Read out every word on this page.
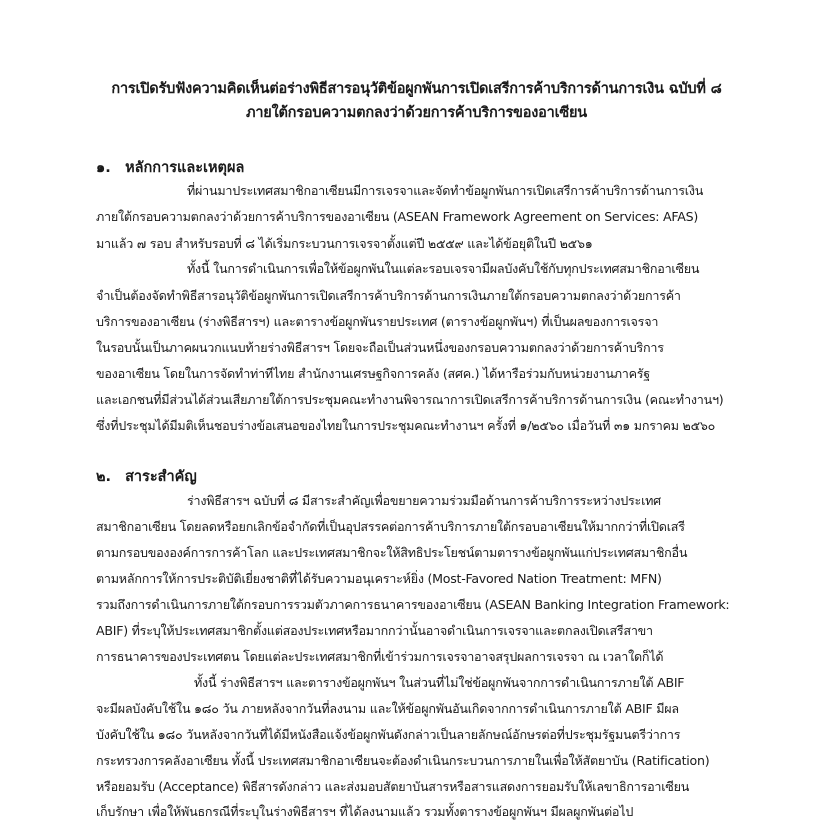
การเปิดรับฟังความคิดเห็นต่อร่างพิธีสารอนุวัติข้อผูกพันการเปิดเสรีการค้าบริการด้านการเงิน ฉบับที่ ๘
ภายใต้กรอบความตกลงว่าด้วยการค้าบริการของอาเซียน
๑. หลักการและเหตุผล
ที่ผ่านมาประเทศสมาชิกอาเซียนมีการเจรจาและจัดทำข้อผูกพันการเปิดเสรีการค้าบริการด้านการเงิน
ภายใต้กรอบความตกลงว่าด้วยการค้าบริการของอาเซียน (ASEAN Framework Agreement on Services: AFAS)
มาแล้ว ๗ รอบ สำหรับรอบที่ ๘ ได้เริ่มกระบวนการเจรจาตั้งแต่ปี ๒๕๕๙ และได้ข้อยุติในปี ๒๕๖๑
ทั้งนี้ ในการดำเนินการเพื่อให้ข้อผูกพันในแต่ละรอบเจรจามีผลบังคับใช้กับทุกประเทศสมาชิกอาเซียน
จำเป็นต้องจัดทำพิธีสารอนุวัติข้อผูกพันการเปิดเสรีการค้าบริการด้านการเงินภายใต้กรอบความตกลงว่าด้วยการค้า
บริการของอาเซียน (ร่างพิธีสารฯ) และตารางข้อผูกพันรายประเทศ (ตารางข้อผูกพันฯ) ที่เป็นผลของการเจรจา
ในรอบนั้นเป็นภาคผนวกแนบท้ายร่างพิธีสารฯ โดยจะถือเป็นส่วนหนึ่งของกรอบความตกลงว่าด้วยการค้าบริการ
ของอาเซียน โดยในการจัดทำท่าทีไทย สำนักงานเศรษฐกิจการคลัง (สศค.) ได้หารือร่วมกับหน่วยงานภาครัฐ
และเอกชนที่มีส่วนได้ส่วนเสียภายใต้การประชุมคณะทำงานพิจารณาการเปิดเสรีการค้าบริการด้านการเงิน (คณะทำงานฯ)
ซึ่งที่ประชุมได้มีมติเห็นชอบร่างข้อเสนอของไทยในการประชุมคณะทำงานฯ ครั้งที่ ๑/๒๕๖๐ เมื่อวันที่ ๓๑ มกราคม ๒๕๖๐
๒. สาระสำคัญ
ร่างพิธีสารฯ ฉบับที่ ๘ มีสาระสำคัญเพื่อขยายความร่วมมือด้านการค้าบริการระหว่างประเทศ
สมาชิกอาเซียน โดยลดหรือยกเลิกข้อจำกัดที่เป็นอุปสรรคต่อการค้าบริการภายใต้กรอบอาเซียนให้มากกว่าที่เปิดเสรี
ตามกรอบขององค์การการค้าโลก และประเทศสมาชิกจะให้สิทธิประโยชน์ตามตารางข้อผูกพันแก่ประเทศสมาชิกอื่น
ตามหลักการให้การประติบัติเยี่ยงชาติที่ได้รับความอนุเคราะห์ยิ่ง (Most-Favored Nation Treatment: MFN)
รวมถึงการดำเนินการภายใต้กรอบการรวมตัวภาคการธนาคารของอาเซียน (ASEAN Banking Integration Framework:
ABIF) ที่ระบุให้ประเทศสมาชิกตั้งแต่สองประเทศหรือมากกว่านั้นอาจดำเนินการเจรจาและตกลงเปิดเสรีสาขา
การธนาคารของประเทศตน โดยแต่ละประเทศสมาชิกที่เข้าร่วมการเจรจาอาจสรุปผลการเจรจา ณ เวลาใดก็ได้
ทั้งนี้ ร่างพิธีสารฯ และตารางข้อผูกพันฯ ในส่วนที่ไม่ใช่ข้อผูกพันจากการดำเนินการภายใต้ ABIF
จะมีผลบังคับใช้ใน ๑๘๐ วัน ภายหลังจากวันที่ลงนาม และให้ข้อผูกพันอันเกิดจากการดำเนินการภายใต้ ABIF มีผล
บังคับใช้ใน ๑๘๐ วันหลังจากวันที่ได้มีหนังสือแจ้งข้อผูกพันดังกล่าวเป็นลายลักษณ์อักษรต่อที่ประชุมรัฐมนตรีว่าการ
กระทรวงการคลังอาเซียน ทั้งนี้ ประเทศสมาชิกอาเซียนจะต้องดำเนินกระบวนการภายในเพื่อให้สัตยาบัน (Ratification)
หรือยอมรับ (Acceptance) พิธีสารดังกล่าว และส่งมอบสัตยาบันสารหรือสารแสดงการยอมรับให้เลขาธิการอาเซียน
เก็บรักษา เพื่อให้พันธกรณีที่ระบุในร่างพิธีสารฯ ที่ได้ลงนามแล้ว รวมทั้งตารางข้อผูกพันฯ มีผลผูกพันต่อไป
